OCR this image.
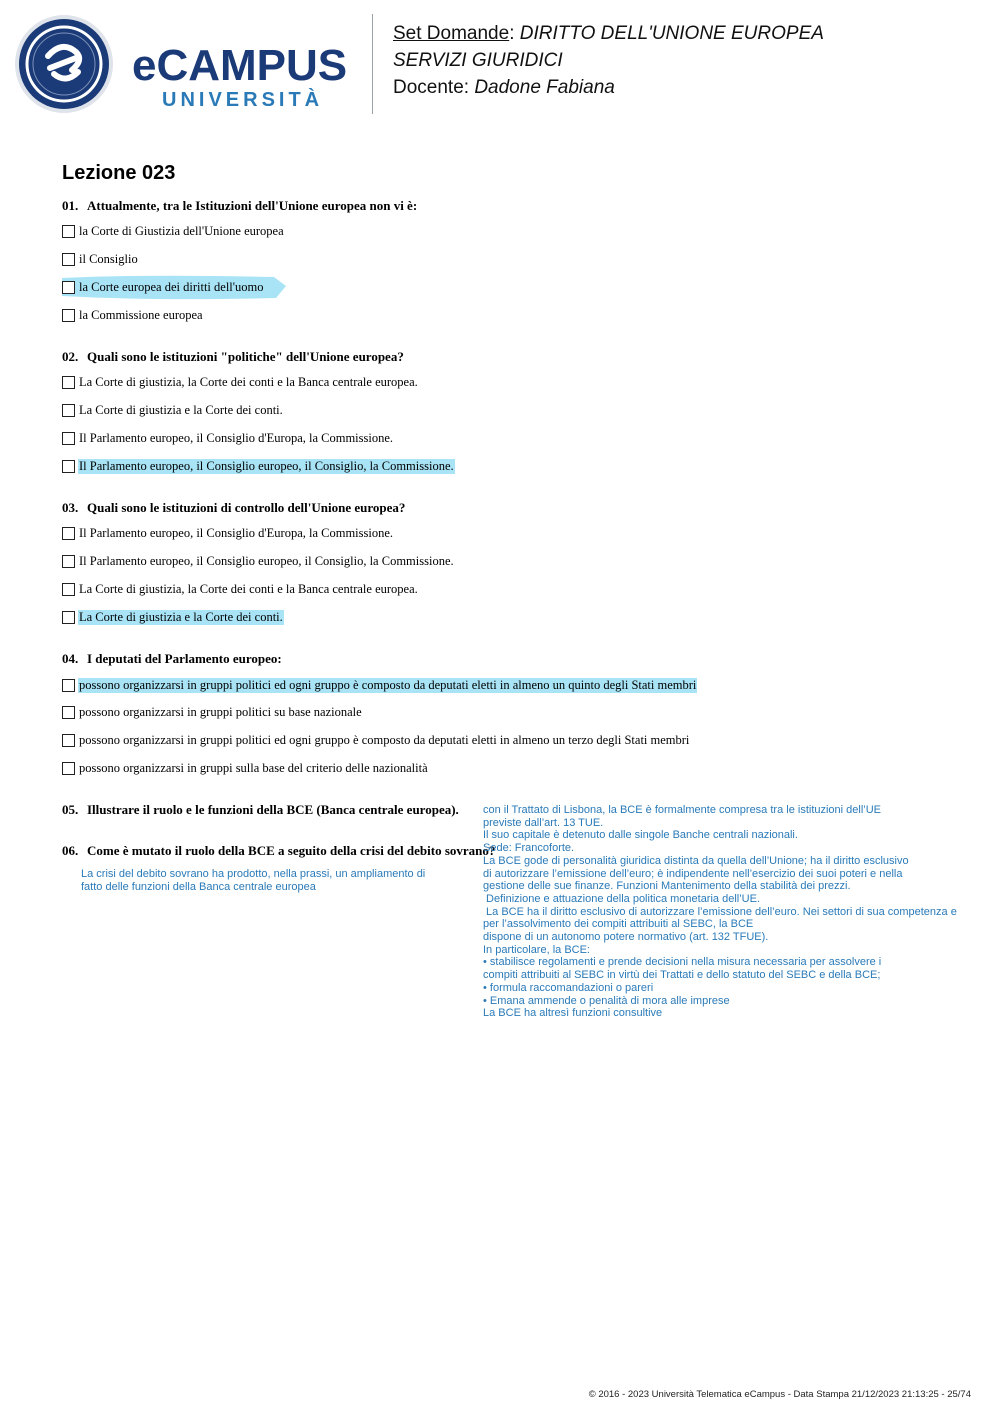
eCAMPUS
UNIVERSITÀ
Set Domande: DIRITTO DELL'UNIONE EUROPEA
SERVIZI GIURIDICI
Docente: Dadone Fabiana
Lezione 023
01. Attualmente, tra le Istituzioni dell'Unione europea non vi è:
la Corte di Giustizia dell'Unione europea
il Consiglio
la Corte europea dei diritti dell'uomo
la Commissione europea
02. Quali sono le istituzioni "politiche" dell'Unione europea?
La Corte di giustizia, la Corte dei conti e la Banca centrale europea.
La Corte di giustizia e la Corte dei conti.
Il Parlamento europeo, il Consiglio d'Europa, la Commissione.
Il Parlamento europeo, il Consiglio europeo, il Consiglio, la Commissione.
03. Quali sono le istituzioni di controllo dell'Unione europea?
Il Parlamento europeo, il Consiglio d'Europa, la Commissione.
Il Parlamento europeo, il Consiglio europeo, il Consiglio, la Commissione.
La Corte di giustizia, la Corte dei conti e la Banca centrale europea.
La Corte di giustizia e la Corte dei conti.
04. I deputati del Parlamento europeo:
possono organizzarsi in gruppi politici ed ogni gruppo è composto da deputati eletti in almeno un quinto degli Stati membri
possono organizzarsi in gruppi politici su base nazionale
possono organizzarsi in gruppi politici ed ogni gruppo è composto da deputati eletti in almeno un terzo degli Stati membri
possono organizzarsi in gruppi sulla base del criterio delle nazionalità
05. Illustrare il ruolo e le funzioni della BCE (Banca centrale europea).
06. Come è mutato il ruolo della BCE a seguito della crisi del debito sovrano?
La crisi del debito sovrano ha prodotto, nella prassi, un ampliamento di
fatto delle funzioni della Banca centrale europea
con il Trattato di Lisbona, la BCE è formalmente compresa tra le istituzioni dell’UE
previste dall’art. 13 TUE.
Il suo capitale è detenuto dalle singole Banche centrali nazionali.
Sede: Francoforte.
La BCE gode di personalità giuridica distinta da quella dell’Unione; ha il diritto esclusivo
di autorizzare l’emissione dell’euro; è indipendente nell’esercizio dei suoi poteri e nella
gestione delle sue finanze. Funzioni Mantenimento della stabilità dei prezzi.
Definizione e attuazione della politica monetaria dell’UE.
La BCE ha il diritto esclusivo di autorizzare l’emissione dell’euro. Nei settori di sua competenza e
per l’assolvimento dei compiti attribuiti al SEBC, la BCE
dispone di un autonomo potere normativo (art. 132 TFUE).
In particolare, la BCE:
• stabilisce regolamenti e prende decisioni nella misura necessaria per assolvere i
compiti attribuiti al SEBC in virtù dei Trattati e dello statuto del SEBC e della BCE;
• formula raccomandazioni o pareri
• Emana ammende o penalità di mora alle imprese
La BCE ha altresì funzioni consultive
© 2016 - 2023 Università Telematica eCampus - Data Stampa 21/12/2023 21:13:25 - 25/74
